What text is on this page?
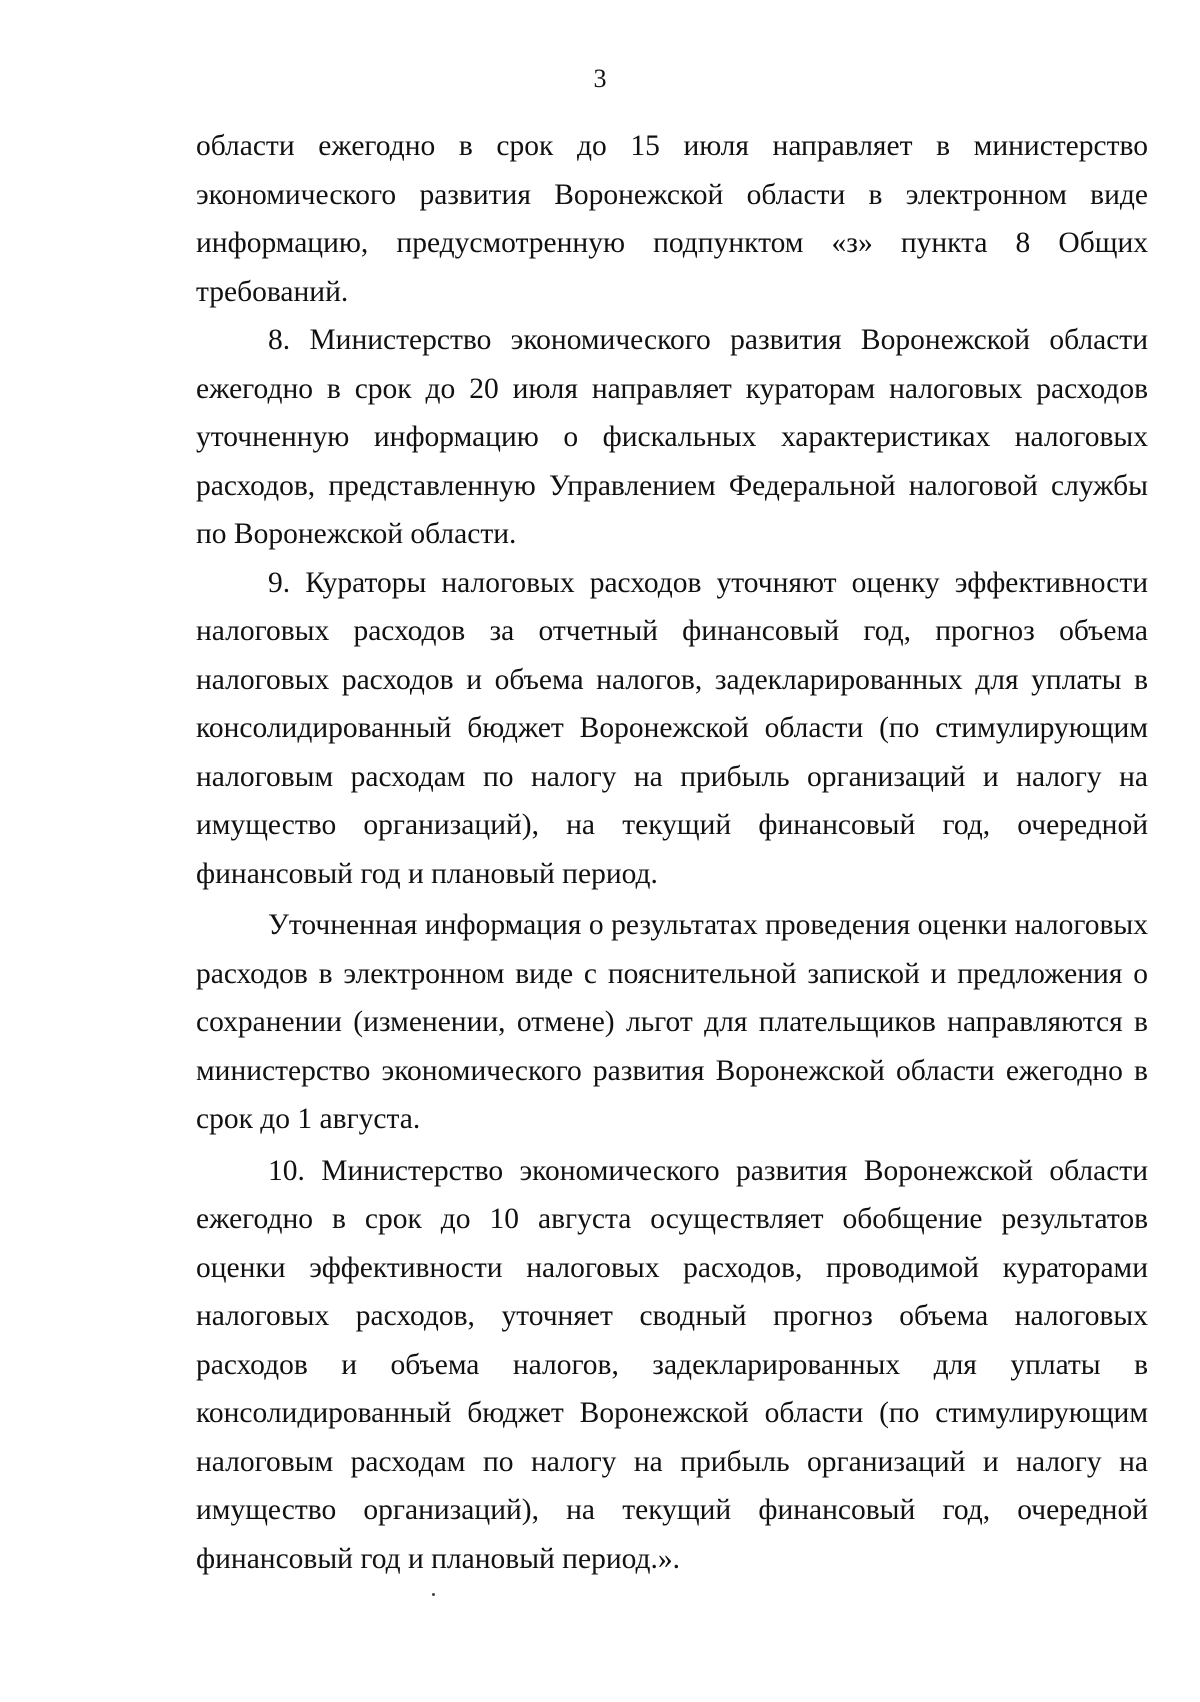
3

области ежегодно в срок до 15 июля направляет в министерство экономического развития Воронежской области в электронном виде информацию, предусмотренную подпунктом «з» пункта 8 Общих требований.

8. Министерство экономического развития Воронежской области ежегодно в срок до 20 июля направляет кураторам налоговых расходов уточненную информацию о фискальных характеристиках налоговых расходов, представленную Управлением Федеральной налоговой службы по Воронежской области.

9. Кураторы налоговых расходов уточняют оценку эффективности налоговых расходов за отчетный финансовый год, прогноз объема налоговых расходов и объема налогов, задекларированных для уплаты в консолидированный бюджет Воронежской области (по стимулирующим налоговым расходам по налогу на прибыль организаций и налогу на имущество организаций), на текущий финансовый год, очередной финансовый год и плановый период.

Уточненная информация о результатах проведения оценки налоговых расходов в электронном виде с пояснительной запиской и предложения о сохранении (изменении, отмене) льгот для плательщиков направляются в министерство экономического развития Воронежской области ежегодно в срок до 1 августа.

10. Министерство экономического развития Воронежской области ежегодно в срок до 10 августа осуществляет обобщение результатов оценки эффективности налоговых расходов, проводимой кураторами налоговых расходов, уточняет сводный прогноз объема налоговых расходов и объема налогов, задекларированных для уплаты в консолидированный бюджет Воронежской области (по стимулирующим налоговым расходам по налогу на прибыль организаций и налогу на имущество организаций), на текущий финансовый год, очередной финансовый год и плановый период.».
